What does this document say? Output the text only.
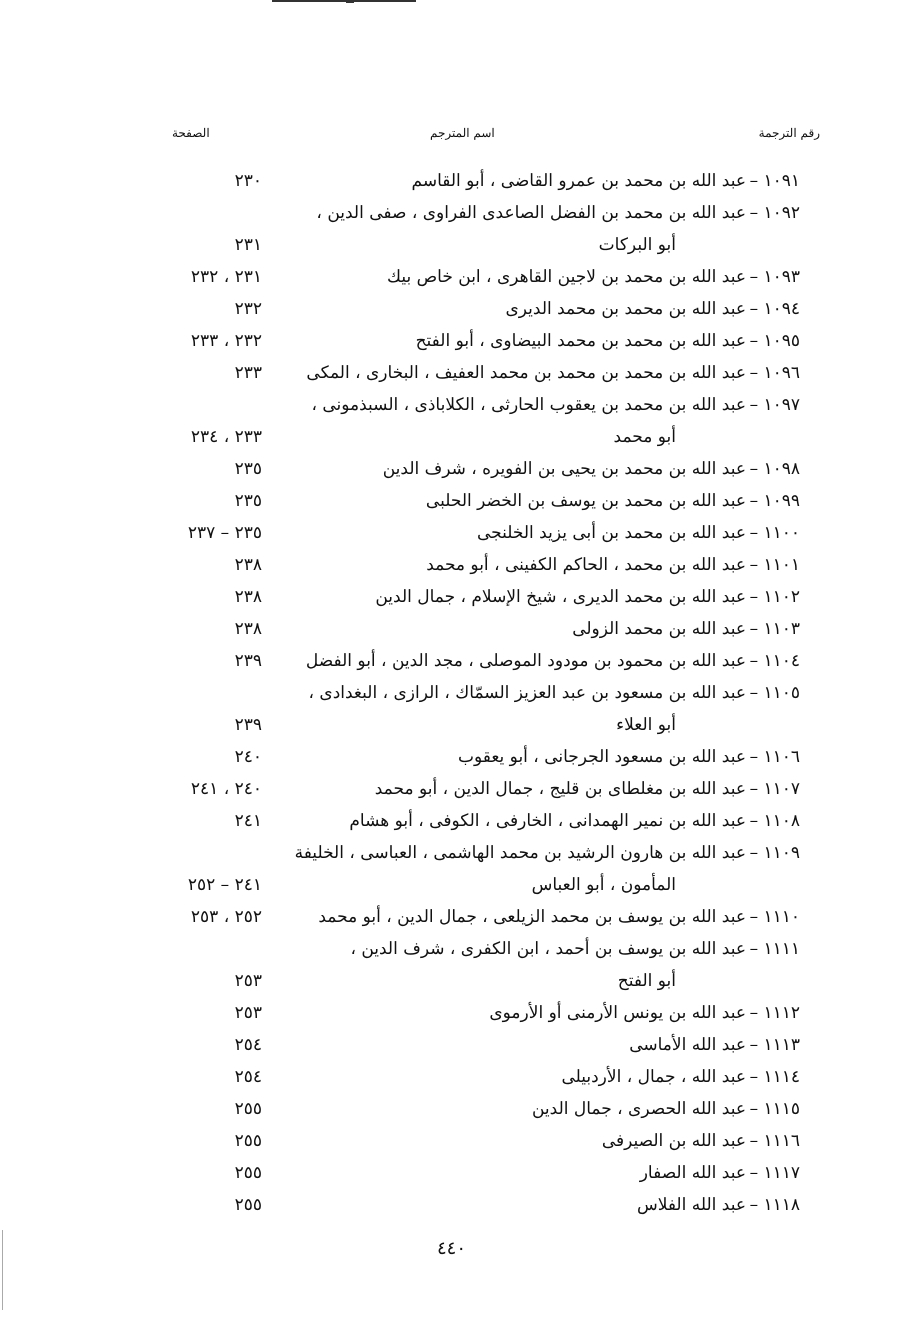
رقم الترجمة
اسم المترجم
الصفحة
١٠٩١ –
عبد الله بن محمد بن عمرو القاضى ، أبو القاسم
٢٣٠
١٠٩٢ –
عبد الله بن محمد بن الفضل الصاعدى الفراوى ، صفى الدين ،
أبو البركات
٢٣١
١٠٩٣ –
عبد الله بن محمد بن لاجين القاهرى ، ابن خاص بيك
٢٣١ ، ٢٣٢
١٠٩٤ –
عبد الله بن محمد بن محمد الديرى
٢٣٢
١٠٩٥ –
عبد الله بن محمد بن محمد البيضاوى ، أبو الفتح
٢٣٢ ، ٢٣٣
١٠٩٦ –
عبد الله بن محمد بن محمد بن محمد العفيف ، البخارى ، المكى
٢٣٣
١٠٩٧ –
عبد الله بن محمد بن يعقوب الحارثى ، الكلاباذى ، السبذمونى ،
أبو محمد
٢٣٣ ، ٢٣٤
١٠٩٨ –
عبد الله بن محمد بن يحيى بن الفويره ، شرف الدين
٢٣٥
١٠٩٩ –
عبد الله بن محمد بن يوسف بن الخضر الحلبى
٢٣٥
١١٠٠ –
عبد الله بن محمد بن أبى يزيد الخلنجى
٢٣٥ – ٢٣٧
١١٠١ –
عبد الله بن محمد ، الحاكم الكفينى ، أبو محمد
٢٣٨
١١٠٢ –
عبد الله بن محمد الديرى ، شيخ الإسلام ، جمال الدين
٢٣٨
١١٠٣ –
عبد الله بن محمد الزولى
٢٣٨
١١٠٤ –
عبد الله بن محمود بن مودود الموصلى ، مجد الدين ، أبو الفضل
٢٣٩
١١٠٥ –
عبد الله بن مسعود بن عبد العزيز السمّاك ، الرازى ، البغدادى ،
أبو العلاء
٢٣٩
١١٠٦ –
عبد الله بن مسعود الجرجانى ، أبو يعقوب
٢٤٠
١١٠٧ –
عبد الله بن مغلطاى بن قليج ، جمال الدين ، أبو محمد
٢٤٠ ، ٢٤١
١١٠٨ –
عبد الله بن نمير الهمدانى ، الخارفى ، الكوفى ، أبو هشام
٢٤١
١١٠٩ –
عبد الله بن هارون الرشيد بن محمد الهاشمى ، العباسى ، الخليفة
المأمون ، أبو العباس
٢٤١ – ٢٥٢
١١١٠ –
عبد الله بن يوسف بن محمد الزيلعى ، جمال الدين ، أبو محمد
٢٥٢ ، ٢٥٣
١١١١ –
عبد الله بن يوسف بن أحمد ، ابن الكفرى ، شرف الدين ،
أبو الفتح
٢٥٣
١١١٢ –
عبد الله بن يونس الأرمنى أو الأرموى
٢٥٣
١١١٣ –
عبد الله الأماسى
٢٥٤
١١١٤ –
عبد الله ، جمال ، الأردبيلى
٢٥٤
١١١٥ –
عبد الله الحصرى ، جمال الدين
٢٥٥
١١١٦ –
عبد الله بن الصيرفى
٢٥٥
١١١٧ –
عبد الله الصفار
٢٥٥
١١١٨ –
عبد الله الفلاس
٢٥٥
٤٤٠
